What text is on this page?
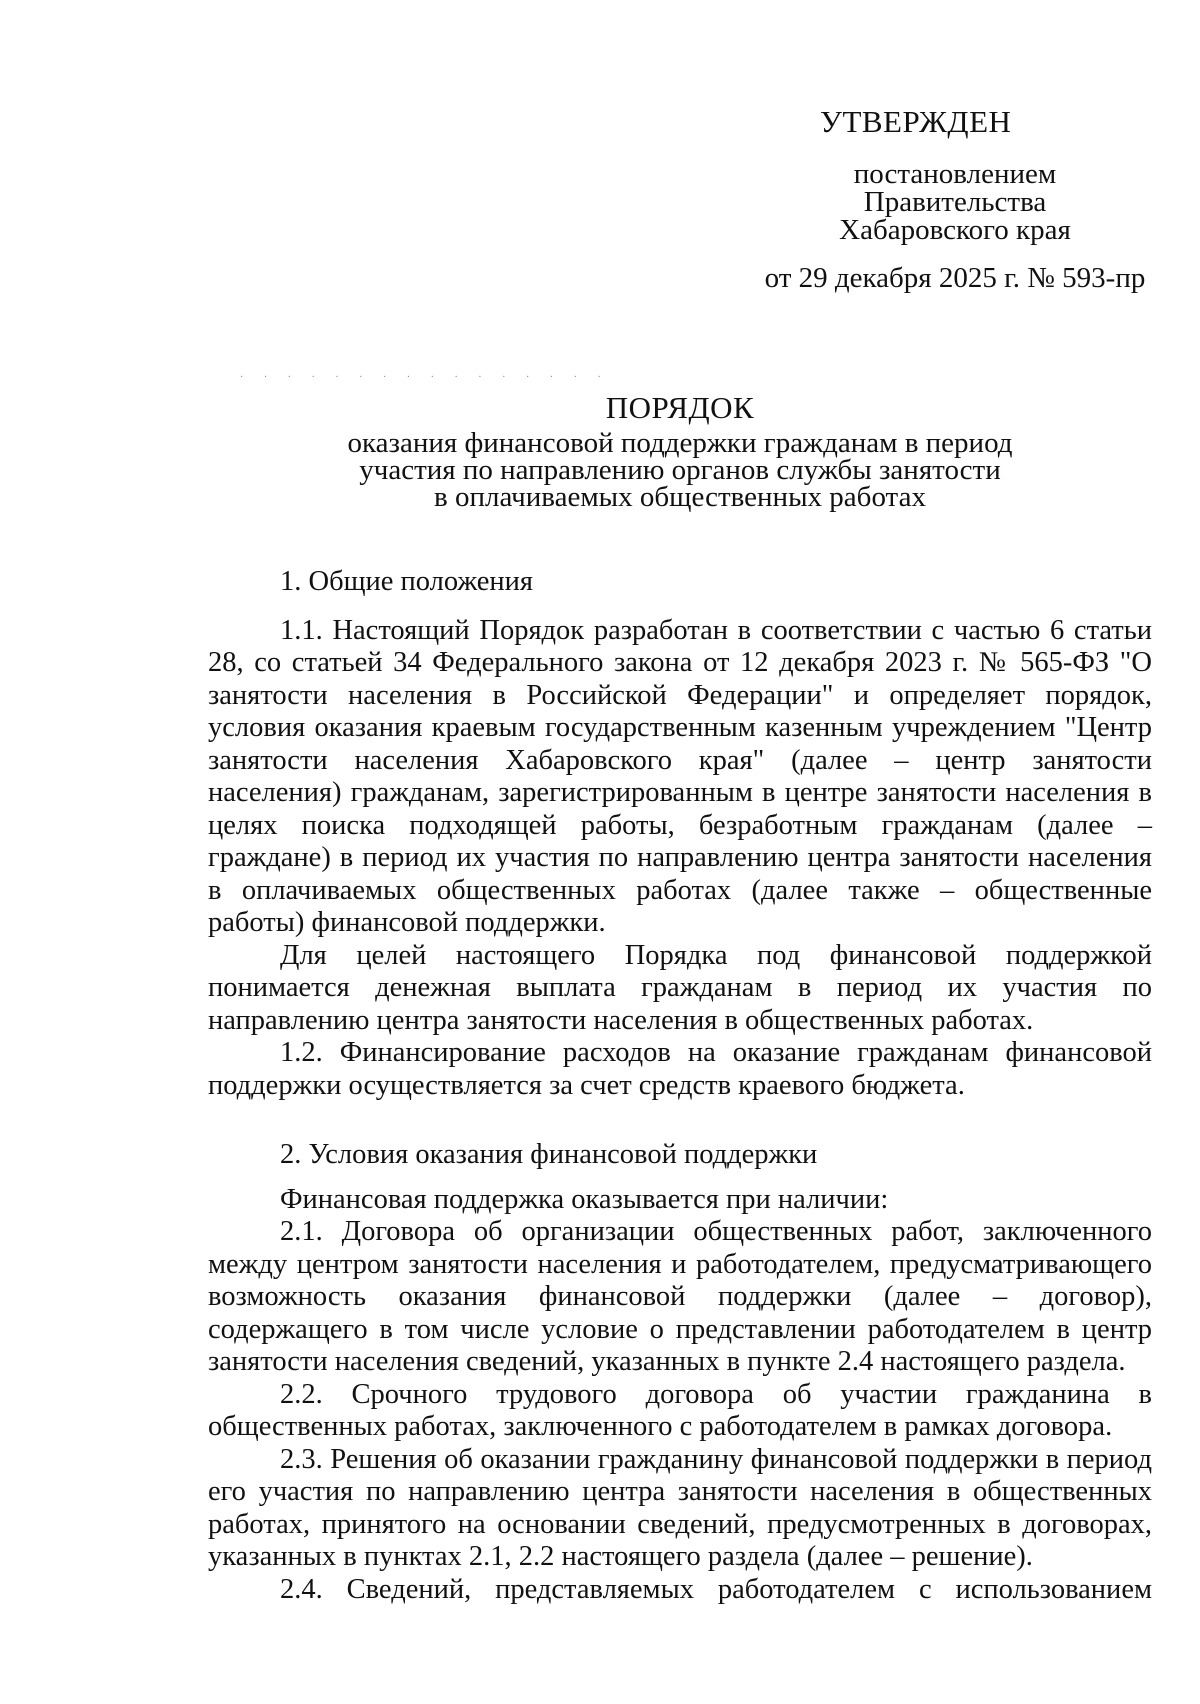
УТВЕРЖДЕН
постановлением
Правительства
Хабаровского края
от 29 декабря 2025 г. № 593-пр
· · · · · · · · · · · · · · · ·
ПОРЯДОК
оказания финансовой поддержки гражданам в период
участия по направлению органов службы занятости
в оплачиваемых общественных работах

1. Общие положения

1.1. Настоящий Порядок разработан в соответствии с частью 6 статьи 28, со статьей 34 Федерального закона от 12 декабря 2023 г. № 565-ФЗ "О занятости населения в Российской Федерации" и определяет порядок, условия оказания краевым государственным казенным учреждением "Центр занятости населения Хабаровского края" (далее – центр занятости населения) гражданам, зарегистрированным в центре занятости населения в целях поиска подходящей работы, безработным гражданам (далее – граждане) в период их участия по направлению центра занятости населения в оплачиваемых общественных работах (далее также – общественные работы) финансовой поддержки.

Для целей настоящего Порядка под финансовой поддержкой понимается денежная выплата гражданам в период их участия по направлению центра занятости населения в общественных работах.

1.2. Финансирование расходов на оказание гражданам финансовой поддержки осуществляется за счет средств краевого бюджета.

2. Условия оказания финансовой поддержки

Финансовая поддержка оказывается при наличии:

2.1. Договора об организации общественных работ, заключенного между центром занятости населения и работодателем, предусматривающего возможность оказания финансовой поддержки (далее – договор), содержащего в том числе условие о представлении работодателем в центр занятости населения сведений, указанных в пункте 2.4 настоящего раздела.

2.2. Срочного трудового договора об участии гражданина в общественных работах, заключенного с работодателем в рамках договора.

2.3. Решения об оказании гражданину финансовой поддержки в период его участия по направлению центра занятости населения в общественных работах, принятого на основании сведений, предусмотренных в договорах, указанных в пунктах 2.1, 2.2 настоящего раздела (далее – решение).

2.4. Сведений, представляемых работодателем с использованием
